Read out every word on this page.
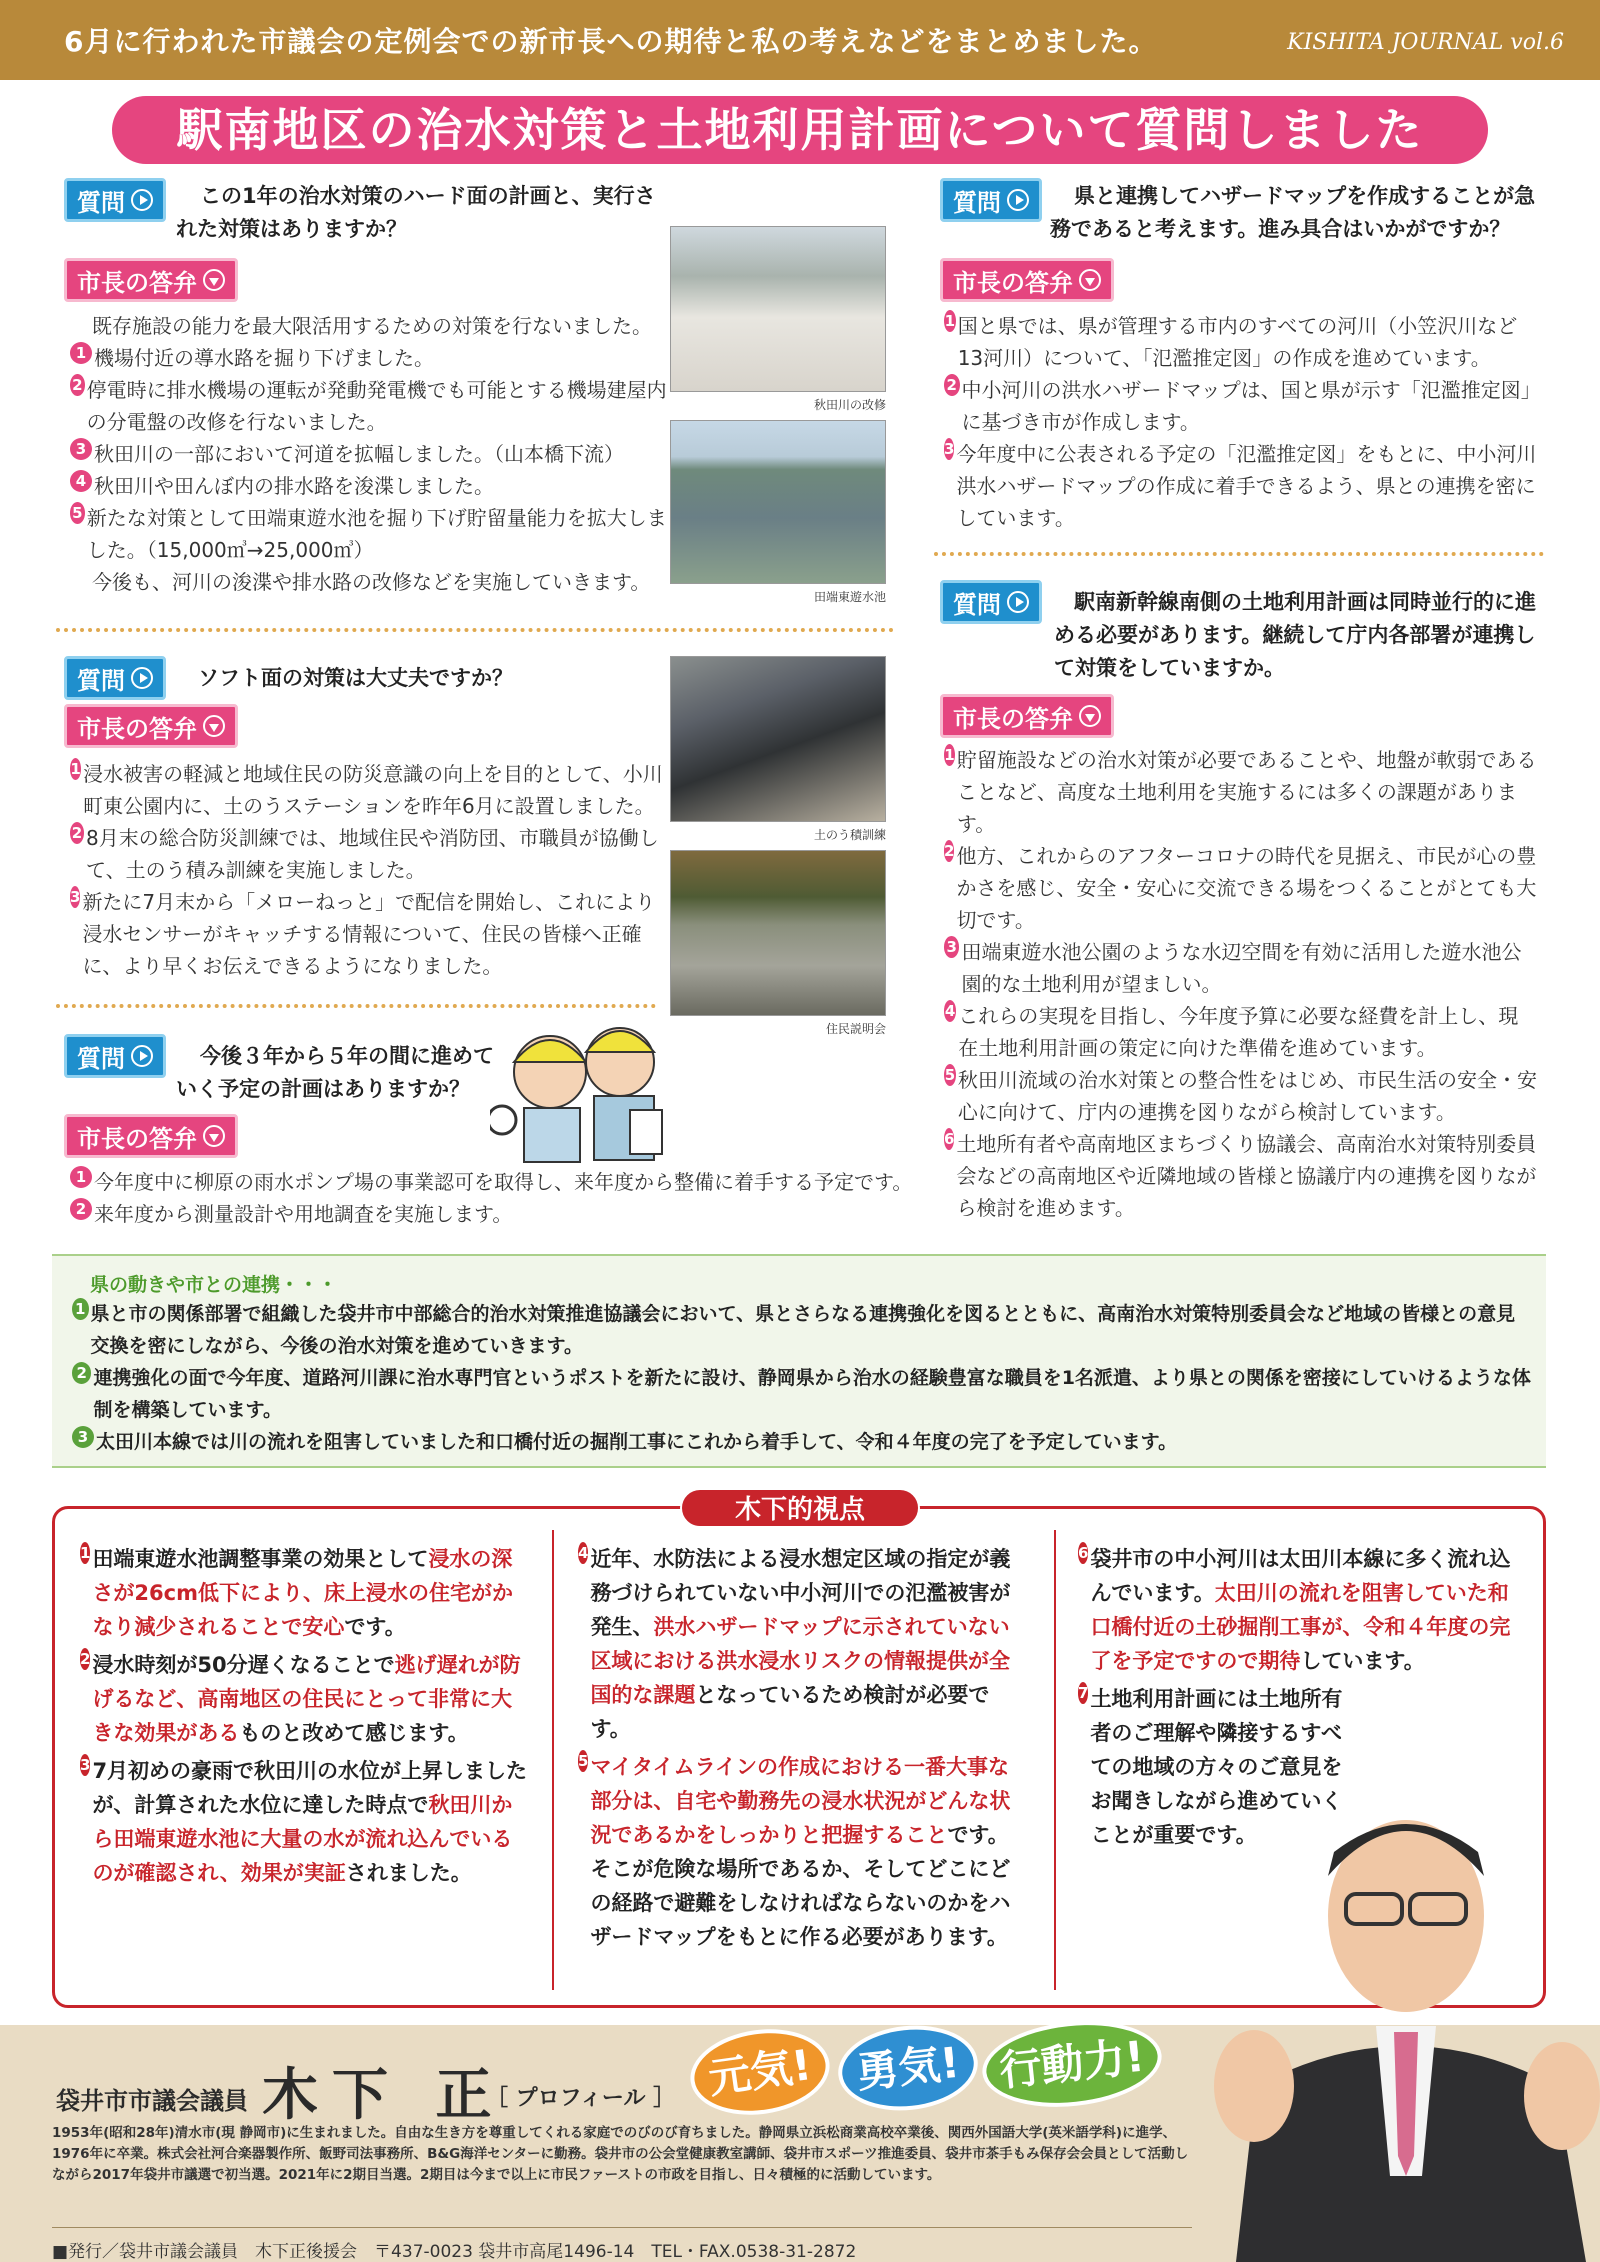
6月に行われた市議会の定例会での新市長への期待と私の考えなどをまとめました。	KISHITA JOURNAL vol.6
駅南地区の治水対策と土地利用計画について質問しました
質問	この1年の治水対策のハード面の計画と、実行された対策はありますか？
市長の答弁
既存施設の能力を最大限活用するための対策を行ないました。
1 機場付近の導水路を掘り下げました。
2 停電時に排水機場の運転が発動発電機でも可能とする機場建屋内の分電盤の改修を行ないました。
3 秋田川の一部において河道を拡幅しました。（山本橋下流）
4 秋田川や田んぼ内の排水路を浚渫しました。
5 新たな対策として田端東遊水池を掘り下げ貯留量能力を拡大しました。（15,000㎥→25,000㎥）
今後も、河川の浚渫や排水路の改修などを実施していきます。
秋田川の改修
田端東遊水池
質問	ソフト面の対策は大丈夫ですか？
市長の答弁
1 浸水被害の軽減と地域住民の防災意識の向上を目的として、小川町東公園内に、土のうステーションを昨年6月に設置しました。
2 8月末の総合防災訓練では、地域住民や消防団、市職員が協働して、土のう積み訓練を実施しました。
3 新たに7月末から「メローねっと」で配信を開始し、これにより浸水センサーがキャッチする情報について、住民の皆様へ正確に、より早くお伝えできるようになりました。
土のう積訓練
住民説明会
質問	今後３年から５年の間に進めていく予定の計画はありますか？
市長の答弁
1 今年度中に柳原の雨水ポンプ場の事業認可を取得し、来年度から整備に着手する予定です。
2 来年度から測量設計や用地調査を実施します。
質問	県と連携してハザードマップを作成することが急務であると考えます。進み具合はいかがですか？
市長の答弁
1 国と県では、県が管理する市内のすべての河川（小笠沢川など13河川）について、「氾濫推定図」の作成を進めています。
2 中小河川の洪水ハザードマップは、国と県が示す「氾濫推定図」に基づき市が作成します。
3 今年度中に公表される予定の「氾濫推定図」をもとに、中小河川洪水ハザードマップの作成に着手できるよう、県との連携を密にしています。
質問	駅南新幹線南側の土地利用計画は同時並行的に進める必要があります。継続して庁内各部署が連携して対策をしていますか。
市長の答弁
1 貯留施設などの治水対策が必要であることや、地盤が軟弱であることなど、高度な土地利用を実施するには多くの課題があります。
2 他方、これからのアフターコロナの時代を見据え、市民が心の豊かさを感じ、安全・安心に交流できる場をつくることがとても大切です。
3 田端東遊水池公園のような水辺空間を有効に活用した遊水池公園的な土地利用が望ましい。
4 これらの実現を目指し、今年度予算に必要な経費を計上し、現在土地利用計画の策定に向けた準備を進めています。
5 秋田川流域の治水対策との整合性をはじめ、市民生活の安全・安心に向けて、庁内の連携を図りながら検討しています。
6 土地所有者や高南地区まちづくり協議会、高南治水対策特別委員会などの高南地区や近隣地域の皆様と協議庁内の連携を図りながら検討を進めます。
県の動きや市との連携・・・
1 県と市の関係部署で組織した袋井市中部総合的治水対策推進協議会において、県とさらなる連携強化を図るとともに、高南治水対策特別委員会など地域の皆様との意見交換を密にしながら、今後の治水対策を進めていきます。
2 連携強化の面で今年度、道路河川課に治水専門官というポストを新たに設け、静岡県から治水の経験豊富な職員を1名派遣、より県との関係を密接にしていけるような体制を構築しています。
3 太田川本線では川の流れを阻害していました和口橋付近の掘削工事にこれから着手して、令和４年度の完了を予定しています。
木下的視点
1 田端東遊水池調整事業の効果として浸水の深さが26cm低下により、床上浸水の住宅がかなり減少されることで安心です。
2 浸水時刻が50分遅くなることで逃げ遅れが防げるなど、高南地区の住民にとって非常に大きな効果があるものと改めて感じます。
3 7月初めの豪雨で秋田川の水位が上昇しましたが、計算された水位に達した時点で秋田川から田端東遊水池に大量の水が流れ込んでいるのが確認され、効果が実証されました。
4 近年、水防法による浸水想定区域の指定が義務づけられていない中小河川での氾濫被害が発生、洪水ハザードマップに示されていない区域における洪水浸水リスクの情報提供が全国的な課題となっているため検討が必要です。
5 マイタイムラインの作成における一番大事な部分は、自宅や勤務先の浸水状況がどんな状況であるかをしっかりと把握することです。そこが危険な場所であるか、そしてどこにどの経路で避難をしなければならないのかをハザードマップをもとに作る必要があります。
6 袋井市の中小河川は太田川本線に多く流れ込んでいます。太田川の流れを阻害していた和口橋付近の土砂掘削工事が、令和４年度の完了を予定ですので期待しています。
7 土地利用計画には土地所有者のご理解や隣接するすべての地域の方々のご意見をお聞きしながら進めていくことが重要です。
袋井市市議会議員 木下 正
［ プロフィール ］
1953年(昭和28年)清水市(現 静岡市)に生まれました。自由な生き方を尊重してくれる家庭でのびのび育ちました。静岡県立浜松商業高校卒業後、関西外国語大学(英米語学科)に進学、1976年に卒業。株式会社河合楽器製作所、飯野司法事務所、B&G海洋センターに勤務。袋井市の公会堂健康教室講師、袋井市スポーツ推進委員、袋井市茶手もみ保存会会員として活動しながら2017年袋井市議選で初当選。2021年に2期目当選。2期目は今まで以上に市民ファーストの市政を目指し、日々積極的に活動しています。
■発行／袋井市議会議員　木下正後援会　〒437-0023 袋井市高尾1496-14　TEL・FAX.0538-31-2872
元気! 勇気! 行動力!
